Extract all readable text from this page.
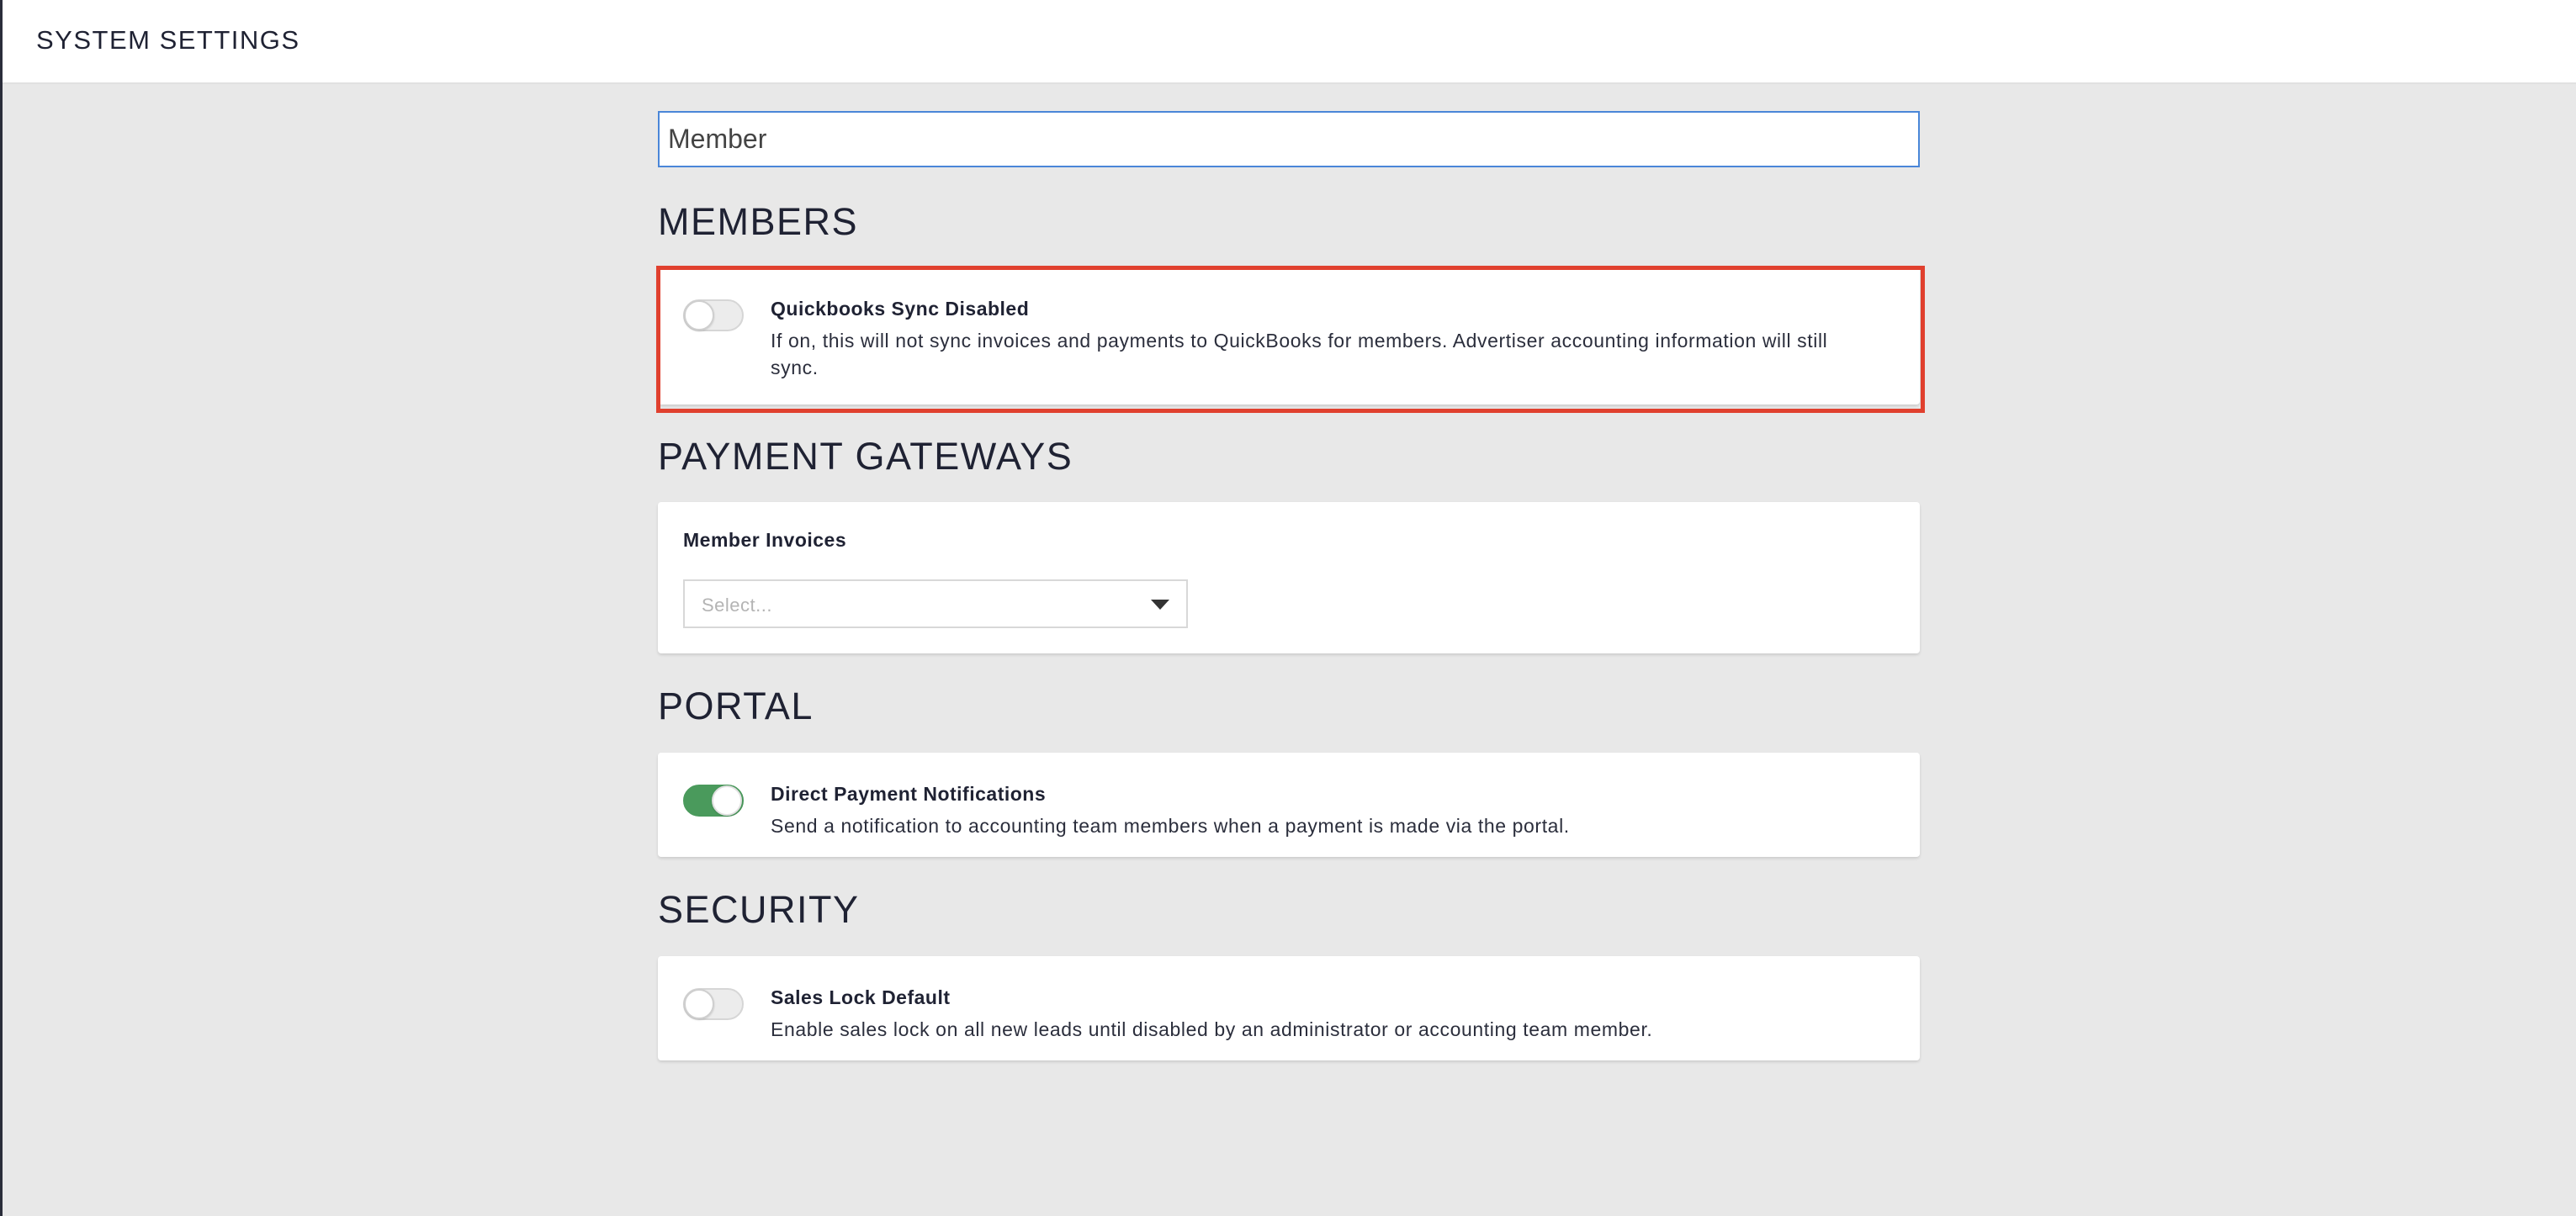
SYSTEM SETTINGS
Member
MEMBERS
Quickbooks Sync Disabled
If on, this will not sync invoices and payments to QuickBooks for members. Advertiser accounting information will still sync.
PAYMENT GATEWAYS
Member Invoices
Select...
PORTAL
Direct Payment Notifications
Send a notification to accounting team members when a payment is made via the portal.
SECURITY
Sales Lock Default
Enable sales lock on all new leads until disabled by an administrator or accounting team member.
